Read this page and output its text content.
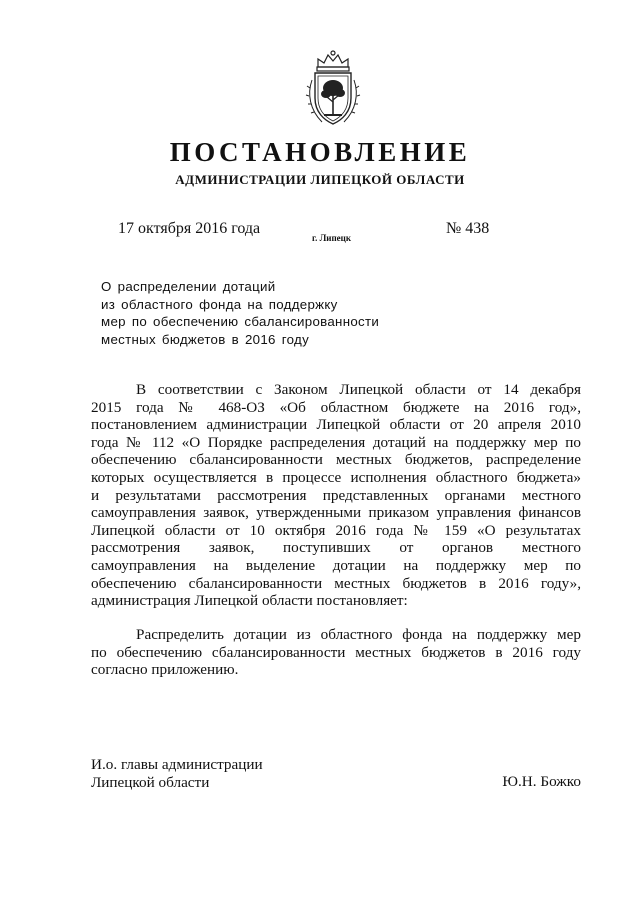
ПОСТАНОВЛЕНИЕ
АДМИНИСТРАЦИИ ЛИПЕЦКОЙ ОБЛАСТИ
17 октября 2016 года
г. Липецк
№ 438
О распределении дотаций
из областного фонда на поддержку
мер по обеспечению сбалансированности
местных бюджетов в 2016 году
В соответствии с Законом Липецкой области от 14 декабря
2015 года № 468-ОЗ «Об областном бюджете на 2016 год»,
постановлением администрации Липецкой области от 20 апреля 2010
года № 112 «О Порядке распределения дотаций на поддержку мер по
обеспечению сбалансированности местных бюджетов, распределение
которых осуществляется в процессе исполнения областного бюджета»
и результатами рассмотрения представленных органами местного
самоуправления заявок, утвержденными приказом управления финансов
Липецкой области от 10 октября 2016 года № 159 «О результатах
рассмотрения заявок, поступивших от органов местного
самоуправления на выделение дотации на поддержку мер по
обеспечению сбалансированности местных бюджетов в 2016 году»,
администрация Липецкой области постановляет:
Распределить дотации из областного фонда на поддержку мер
по обеспечению сбалансированности местных бюджетов в 2016 году
согласно приложению.
И.о. главы администрации
Липецкой области	Ю.Н. Божко
